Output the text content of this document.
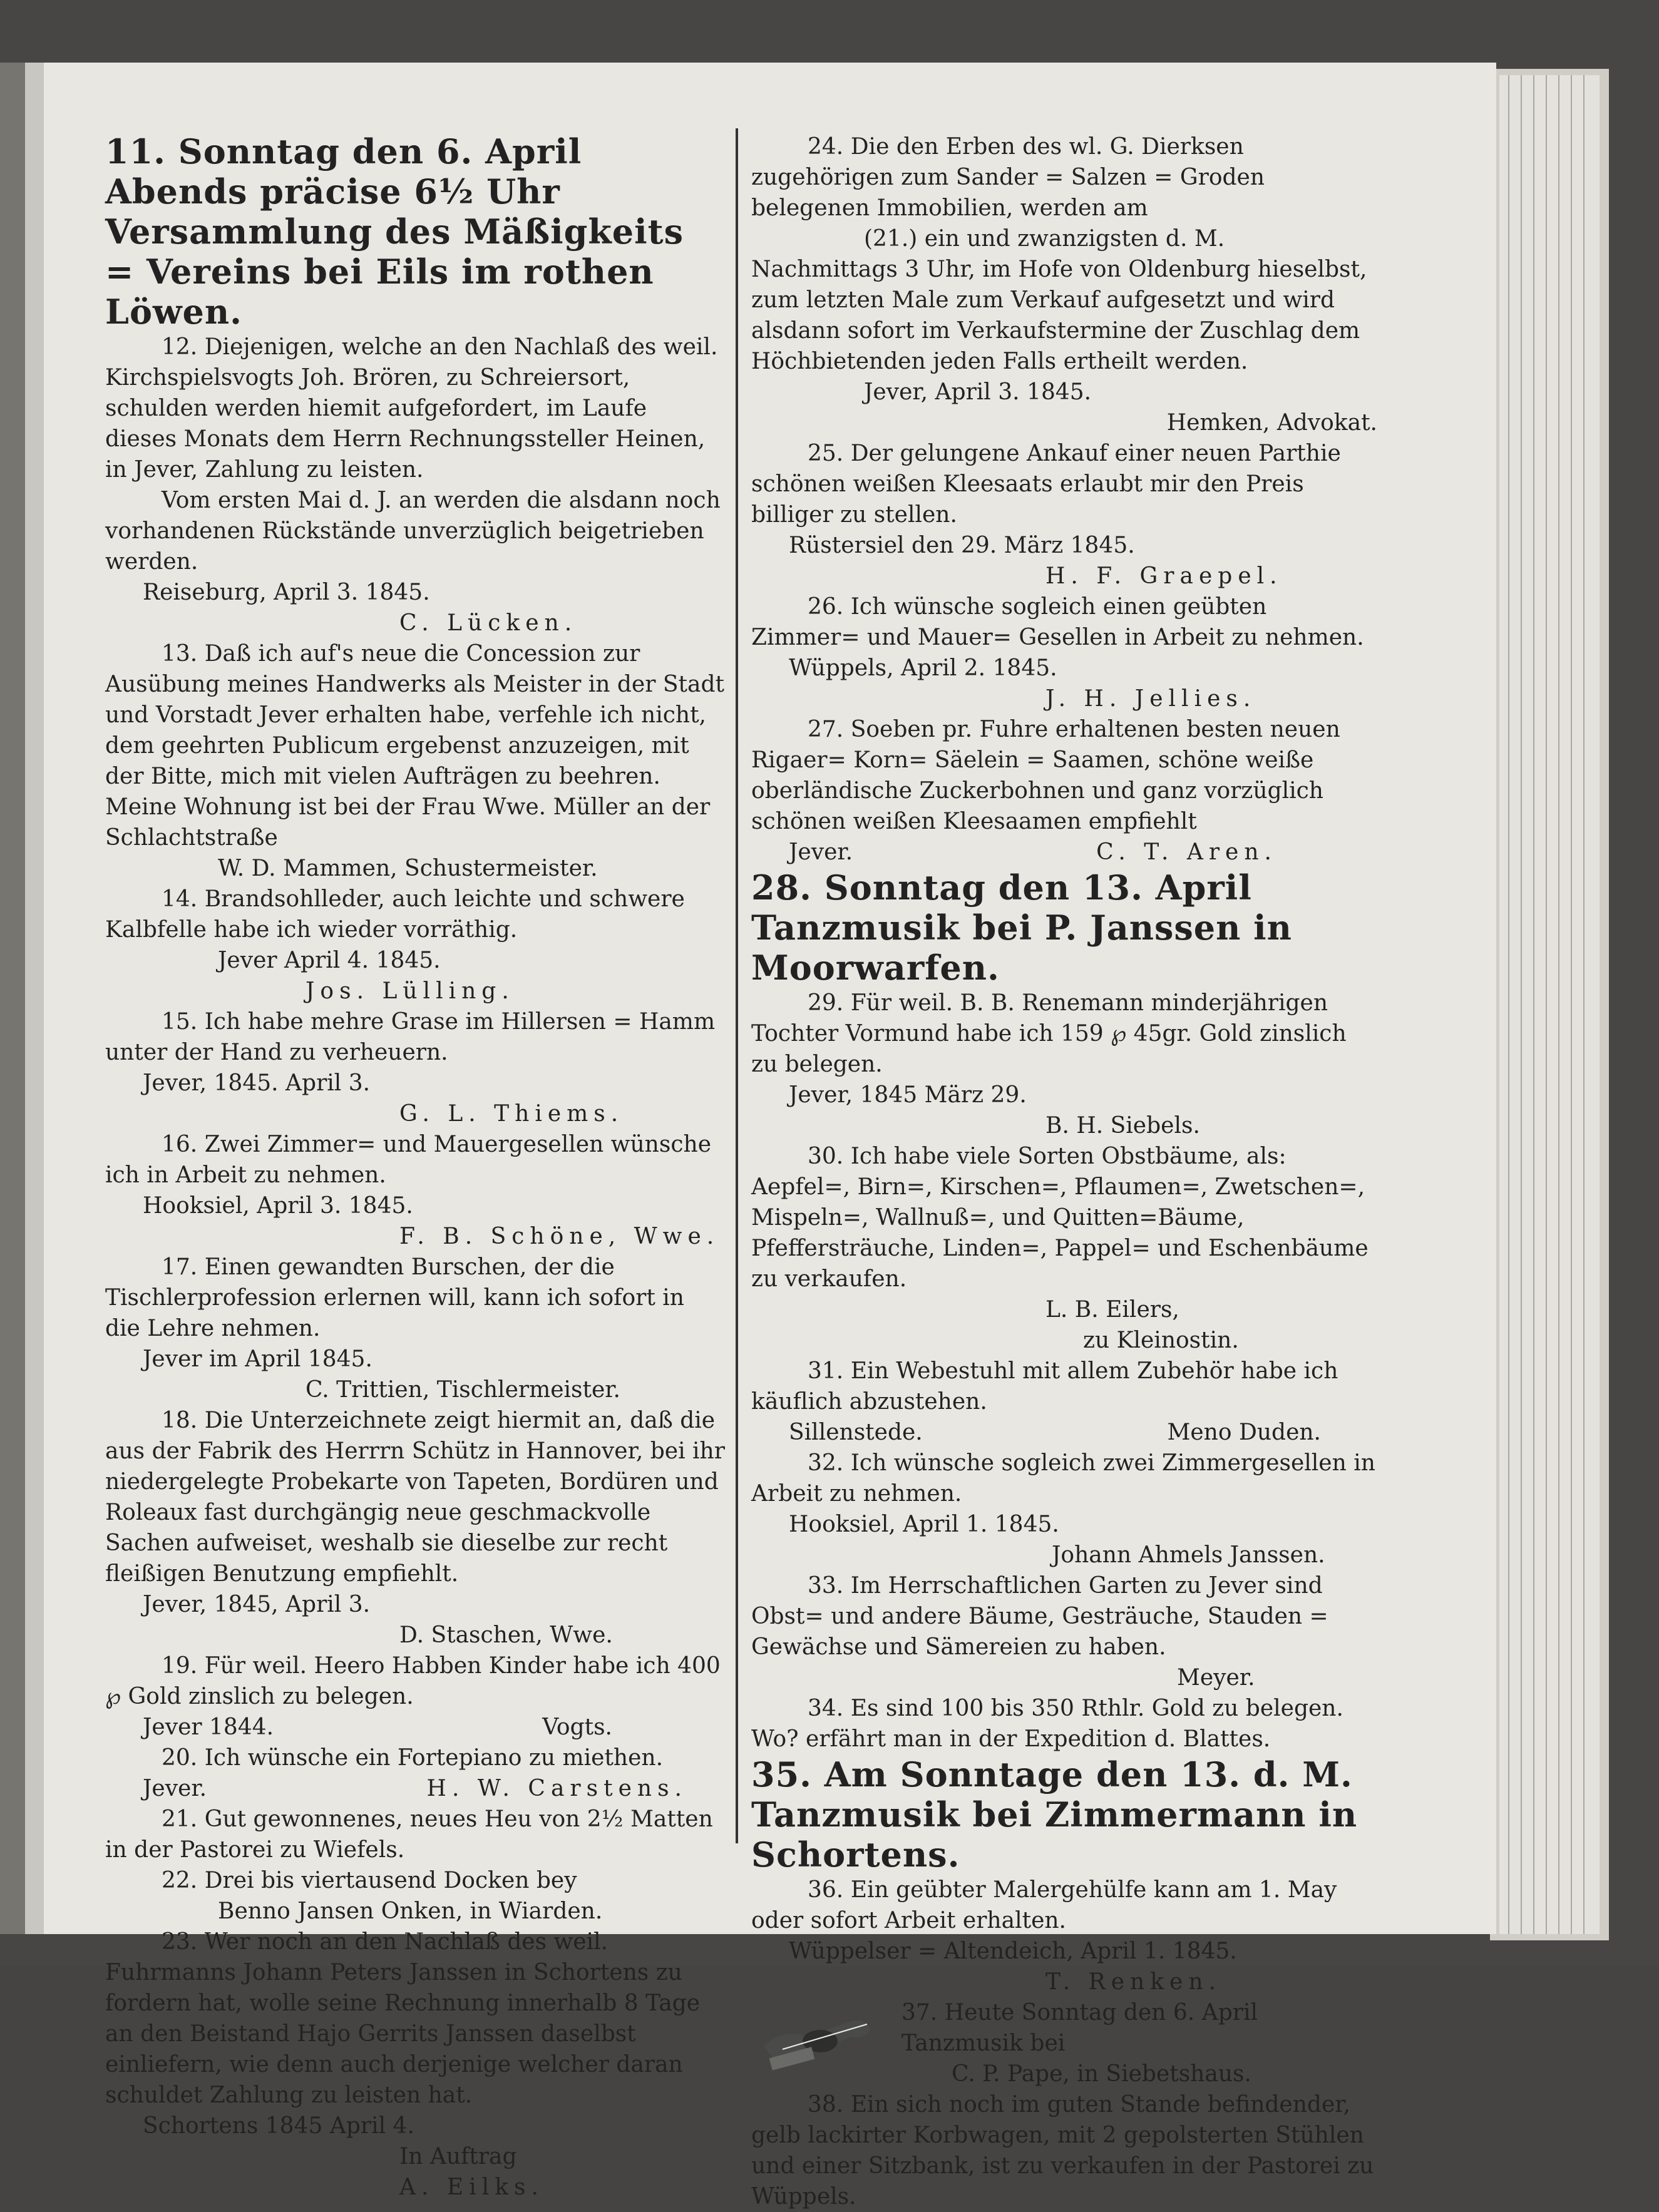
11. Sonntag den 6. April Abends präcise 6½ Uhr Versammlung des Mäßigkeits = Vereins bei Eils im rothen Löwen.

12. Diejenigen, welche an den Nachlaß des weil. Kirchspielsvogts Joh. Brören, zu Schreiersort, schulden werden hiemit aufgefordert, im Laufe dieses Monats dem Herrn Rechnungssteller Heinen, in Jever, Zahlung zu leisten.

Vom ersten Mai d. J. an werden die alsdann noch vorhandenen Rückstände unverzüglich beigetrieben werden.

Reiseburg, April 3. 1845.

C. Lücken.

13. Daß ich auf's neue die Concession zur Ausübung meines Handwerks als Meister in der Stadt und Vorstadt Jever erhalten habe, verfehle ich nicht, dem geehrten Publicum ergebenst anzuzeigen, mit der Bitte, mich mit vielen Aufträgen zu beehren. Meine Wohnung ist bei der Frau Wwe. Müller an der Schlachtstraße

W. D. Mammen, Schustermeister.

14. Brandsohlleder, auch leichte und schwere Kalbfelle habe ich wieder vorräthig.

Jever April 4. 1845.

Jos. Lülling.

15. Ich habe mehre Grase im Hillersen = Hamm unter der Hand zu verheuern.

Jever, 1845. April 3.

G. L. Thiems.

16. Zwei Zimmer= und Mauergesellen wünsche ich in Arbeit zu nehmen.

Hooksiel, April 3. 1845.

F. B. Schöne, Wwe.

17. Einen gewandten Burschen, der die Tischlerprofession erlernen will, kann ich sofort in die Lehre nehmen.

Jever im April 1845.

C. Trittien, Tischlermeister.

18. Die Unterzeichnete zeigt hiermit an, daß die aus der Fabrik des Herrrn Schütz in Hannover, bei ihr niedergelegte Probekarte von Tapeten, Bordüren und Roleaux fast durchgängig neue geschmackvolle Sachen aufweiset, weshalb sie dieselbe zur recht fleißigen Benutzung empfiehlt.

Jever, 1845, April 3.

D. Staschen, Wwe.

19. Für weil. Heero Habben Kinder habe ich 400 ℘ Gold zinslich zu belegen.

Jever 1844.	Vogts.

20. Ich wünsche ein Fortepiano zu miethen.

Jever.	H. W. Carstens.

21. Gut gewonnenes, neues Heu von 2½ Matten in der Pastorei zu Wiefels.

22. Drei bis viertausend Docken bey

Benno Jansen Onken, in Wiarden.

23. Wer noch an den Nachlaß des weil. Fuhrmanns Johann Peters Janssen in Schortens zu fordern hat, wolle seine Rechnung innerhalb 8 Tage an den Beistand Hajo Gerrits Janssen daselbst einliefern, wie denn auch derjenige welcher daran schuldet Zahlung zu leisten hat.

Schortens 1845 April 4.

In Auftrag

A. Eilks.

24. Die den Erben des wl. G. Dierksen zugehörigen zum Sander = Salzen = Groden belegenen Immobilien, werden am

(21.) ein und zwanzigsten d. M.

Nachmittags 3 Uhr, im Hofe von Oldenburg hieselbst, zum letzten Male zum Verkauf aufgesetzt und wird alsdann sofort im Verkaufstermine der Zuschlag dem Höchbietenden jeden Falls ertheilt werden.

Jever, April 3. 1845.

Hemken, Advokat.

25. Der gelungene Ankauf einer neuen Parthie schönen weißen Kleesaats erlaubt mir den Preis billiger zu stellen.

Rüstersiel den 29. März 1845.

H. F. Graepel.

26. Ich wünsche sogleich einen geübten Zimmer= und Mauer= Gesellen in Arbeit zu nehmen.

Wüppels, April 2. 1845.

J. H. Jellies.

27. Soeben pr. Fuhre erhaltenen besten neuen Rigaer= Korn= Säelein = Saamen, schöne weiße oberländische Zuckerbohnen und ganz vorzüglich schönen weißen Kleesaamen empfiehlt

Jever.	C. T. Aren.

28. Sonntag den 13. April Tanzmusik bei P. Janssen in Moorwarfen.

29. Für weil. B. B. Renemann minderjährigen Tochter Vormund habe ich 159 ℘ 45gr. Gold zinslich zu belegen.

Jever, 1845 März 29.

B. H. Siebels.

30. Ich habe viele Sorten Obstbäume, als: Aepfel=, Birn=, Kirschen=, Pflaumen=, Zwetschen=, Mispeln=, Wallnuß=, und Quitten=Bäume, Pfeffersträuche, Linden=, Pappel= und Eschenbäume zu verkaufen.

L. B. Eilers,

zu Kleinostin.

31. Ein Webestuhl mit allem Zubehör habe ich käuflich abzustehen.

Sillenstede.	Meno Duden.

32. Ich wünsche sogleich zwei Zimmergesellen in Arbeit zu nehmen.

Hooksiel, April 1. 1845.

Johann Ahmels Janssen.

33. Im Herrschaftlichen Garten zu Jever sind Obst= und andere Bäume, Gesträuche, Stauden = Gewächse und Sämereien zu haben.

Meyer.

34. Es sind 100 bis 350 Rthlr. Gold zu belegen. Wo? erfährt man in der Expedition d. Blattes.

35. Am Sonntage den 13. d. M. Tanzmusik bei Zimmermann in Schortens.

36. Ein geübter Malergehülfe kann am 1. May oder sofort Arbeit erhalten.

Wüppelser = Altendeich, April 1. 1845.

T. Renken.

37. Heute Sonntag den 6. April

Tanzmusik bei

C. P. Pape, in Siebetshaus.

38. Ein sich noch im guten Stande befindender, gelb lackirter Korbwagen, mit 2 gepolsterten Stühlen und einer Sitzbank, ist zu verkaufen in der Pastorei zu Wüppels.
